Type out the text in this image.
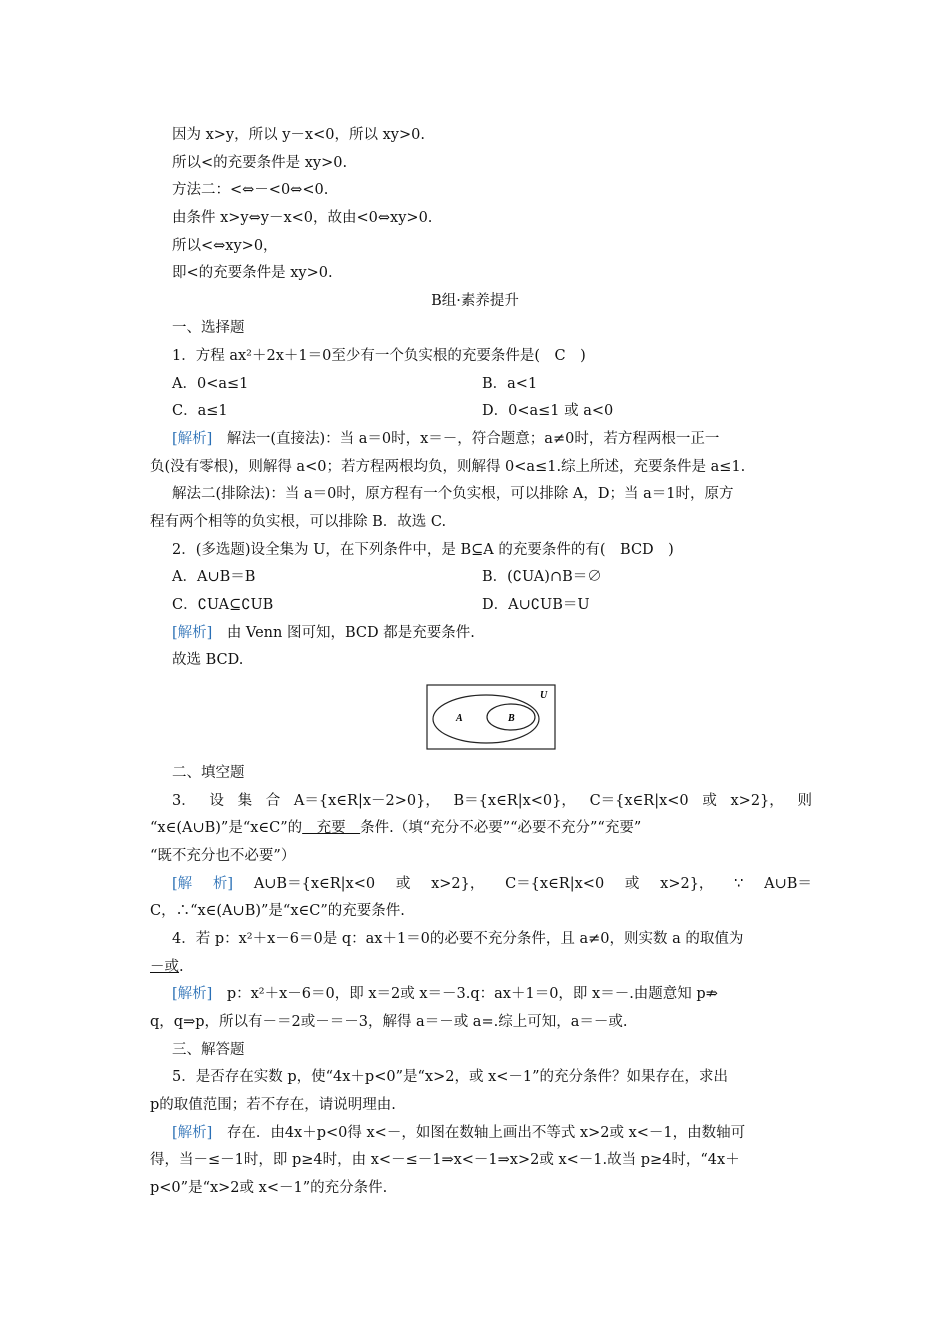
因为 x>y，所以 y－x<0，所以 xy>0.
所以<的充要条件是 xy>0.
方法二：<⇔－<0⇔<0.
由条件 x>y⇔y－x<0，故由<0⇔xy>0.
所以<⇔xy>0，
即<的充要条件是 xy>0.
B组·素养提升
一、选择题
1．方程 ax²＋2x＋1＝0至少有一个负实根的充要条件是(　C　)
A．0<a≤1	B．a<1
C．a≤1	D．0<a≤1 或 a<0
[解析]　解法一(直接法)：当 a＝0时，x＝－，符合题意；a≠0时，若方程两根一正一
负(没有零根)，则解得 a<0；若方程两根均负，则解得 0<a≤1.综上所述，充要条件是 a≤1.
解法二(排除法)：当 a＝0时，原方程有一个负实根，可以排除 A，D；当 a＝1时，原方
程有两个相等的负实根，可以排除 B．故选 C.
2．(多选题)设全集为 U，在下列条件中，是 B⊆A 的充要条件的有(　BCD　)
A．A∪B＝B	B．(∁UA)∩B＝∅
C．∁UA⊆∁UB	D．A∪∁UB＝U
[解析]　由 Venn 图可知，BCD 都是充要条件.
故选 BCD.
U
A	B
二、填空题
3． 设 集 合 A＝{x∈R|x－2>0}， B＝{x∈R|x<0}， C＝{x∈R|x<0 或 x>2}， 则
“x∈(A∪B)”是“x∈C”的　充要　条件.（填“充分不必要”“必要不充分”“充要”
“既不充分也不必要”）
[解 析] A∪B＝{x∈R|x<0 或 x>2}， C＝{x∈R|x<0 或 x>2}， ∵ A∪B＝
C，∴“x∈(A∪B)”是“x∈C”的充要条件.
4．若 p：x²＋x－6＝0是 q：ax＋1＝0的必要不充分条件，且 a≠0，则实数 a 的取值为
－或.
[解析]　p：x²＋x－6＝0，即 x＝2或 x＝－3.q：ax＋1＝0，即 x＝－.由题意知 p⇏
q，q⇒p，所以有－＝2或－＝－3，解得 a＝－或 a=.综上可知，a＝－或.
三、解答题
5．是否存在实数 p，使“4x＋p<0”是“x>2，或 x<－1”的充分条件？如果存在，求出
p的取值范围；若不存在，请说明理由.
[解析]　存在．由4x＋p<0得 x<－，如图在数轴上画出不等式 x>2或 x<－1，由数轴可
得，当－≤－1时，即 p≥4时，由 x<－≤－1⇒x<－1⇒x>2或 x<－1.故当 p≥4时，“4x＋
p<0”是“x>2或 x<－1”的充分条件.
